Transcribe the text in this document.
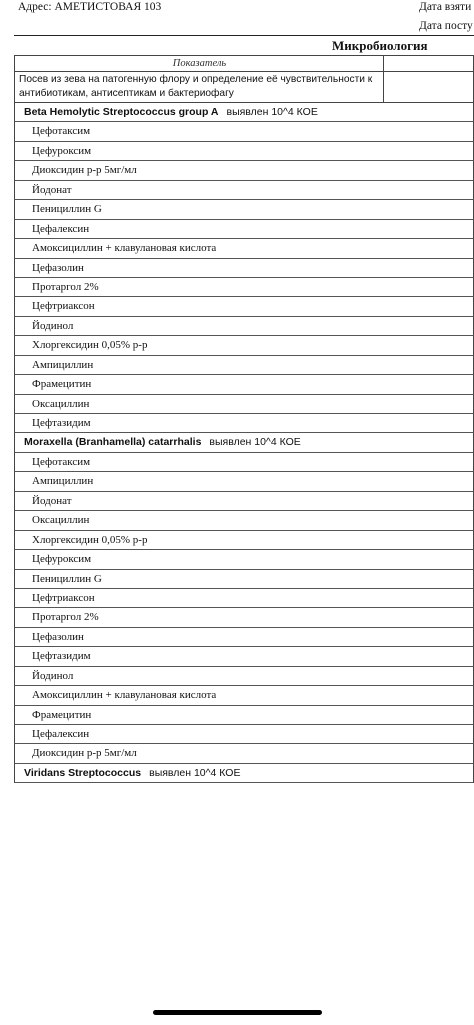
Адрес: АМЕТИСТОВАЯ 103	Дата взяти
Дата посту
Микробиология
Показатель
Посев из зева на патогенную флору и определение её чувствительности к антибиотикам, антисептикам и бактериофагу
Beta Hemolytic Streptococcus group A выявлен 10^4 КОЕ
Цефотаксим
Цефуроксим
Диоксидин р-р 5мг/мл
Йодонат
Пенициллин G
Цефалексин
Амоксициллин + клавулановая кислота
Цефазолин
Протаргол 2%
Цефтриаксон
Йодинол
Хлоргексидин 0,05% р-р
Ампициллин
Фрамецитин
Оксациллин
Цефтазидим
Moraxella (Branhamella) catarrhalis выявлен 10^4 КОЕ
Цефотаксим
Ампициллин
Йодонат
Оксациллин
Хлоргексидин 0,05% р-р
Цефуроксим
Пенициллин G
Цефтриаксон
Протаргол 2%
Цефазолин
Цефтазидим
Йодинол
Амоксициллин + клавулановая кислота
Фрамецитин
Цефалексин
Диоксидин р-р 5мг/мл
Viridans Streptococcus выявлен 10^4 КОЕ
